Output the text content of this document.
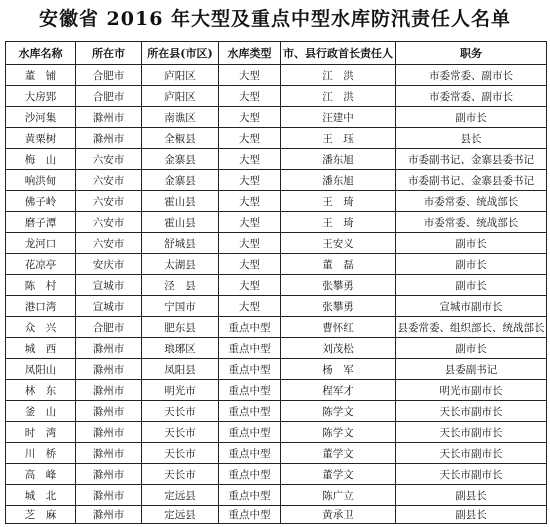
安徽省 2016 年大型及重点中型水库防汛责任人名单
水库名称	所在市	所在县(市区)	水库类型	市、县行政首长责任人	职务
董　铺	合肥市	庐阳区	大型	江　洪	市委常委、副市长
大房郢	合肥市	庐阳区	大型	江　洪	市委常委、副市长
沙河集	滁州市	南谯区	大型	汪建中	副市长
黄栗树	滁州市	全椒县	大型	王　珏	县长
梅　山	六安市	金寨县	大型	潘东旭	市委副书记、金寨县委书记
响洪甸	六安市	金寨县	大型	潘东旭	市委副书记、金寨县委书记
佛子岭	六安市	霍山县	大型	王　琦	市委常委、统战部长
磨子潭	六安市	霍山县	大型	王　琦	市委常委、统战部长
龙河口	六安市	舒城县	大型	王安义	副市长
花凉亭	安庆市	太湖县	大型	董　磊	副市长
陈　村	宣城市	泾　县	大型	张攀勇	副市长
港口湾	宣城市	宁国市	大型	张攀勇	宣城市副市长
众　兴	合肥市	肥东县	重点中型	曹怀红	县委常委、组织部长、统战部长
城　西	滁州市	琅琊区	重点中型	刘茂松	副市长
凤阳山	滁州市	凤阳县	重点中型	杨　军	县委副书记
林　东	滁州市	明光市	重点中型	程军才	明光市副市长
釜　山	滁州市	天长市	重点中型	陈学文	天长市副市长
时　湾	滁州市	天长市	重点中型	陈学文	天长市副市长
川　桥	滁州市	天长市	重点中型	董学文	天长市副市长
高　峰	滁州市	天长市	重点中型	董学文	天长市副市长
城　北	滁州市	定远县	重点中型	陈广立	副县长
芝　麻	滁州市	定远县	重点中型	黄承卫	副县长
